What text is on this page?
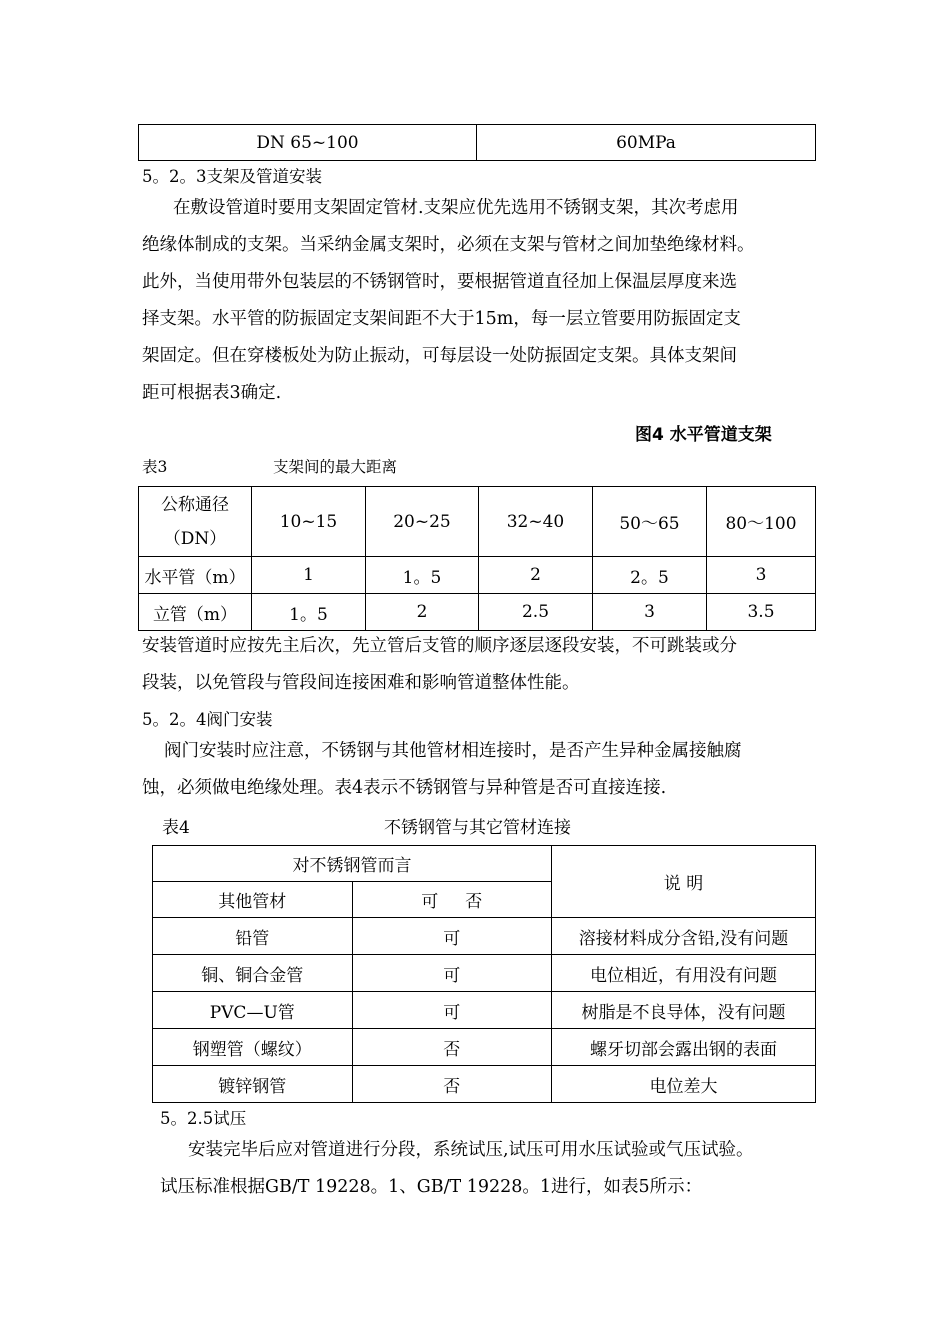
DN 65~100	60MPa
5。2。3支架及管道安装
在敷设管道时要用支架固定管材.支架应优先选用不锈钢支架，其次考虑用
绝缘体制成的支架。当采纳金属支架时，必须在支架与管材之间加垫绝缘材料。
此外，当使用带外包装层的不锈钢管时，要根据管道直径加上保温层厚度来选
择支架。水平管的防振固定支架间距不大于15m，每一层立管要用防振固定支
架固定。但在穿楼板处为防止振动，可每层设一处防振固定支架。具体支架间
距可根据表3确定.
图4 水平管道支架
表3	支架间的最大距离
公称通径
（DN）	10~15	20~25	32~40	50～65	80～100
水平管（m）	1	1。5	2	2。5	3
立管（m）	1。5	2	2.5	3	3.5
安装管道时应按先主后次，先立管后支管的顺序逐层逐段安装，不可跳装或分
段装，以免管段与管段间连接困难和影响管道整体性能。
5。2。4阀门安装
阀门安装时应注意，不锈钢与其他管材相连接时，是否产生异种金属接触腐
蚀，必须做电绝缘处理。表4表示不锈钢管与异种管是否可直接连接.
表4	不锈钢管与其它管材连接
对不锈钢管而言		说 明
其他管材	可     否	
铅管	可	溶接材料成分含铅,没有问题
铜、铜合金管	可	电位相近，有用没有问题
PVC—U管	可	树脂是不良导体，没有问题
钢塑管（螺纹）	否	螺牙切部会露出钢的表面
镀锌钢管	否	电位差大
5。2.5试压
安装完毕后应对管道进行分段，系统试压,试压可用水压试验或气压试验。
试压标准根据GB/T 19228。1、GB/T 19228。1进行，如表5所示：
